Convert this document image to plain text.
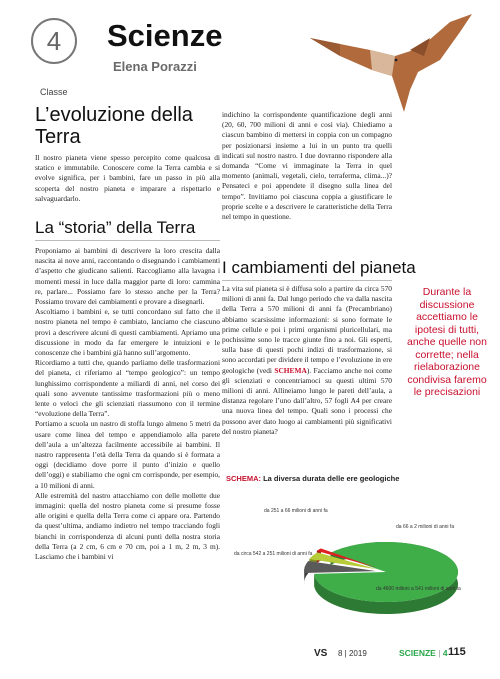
4
Classe
Scienze
Elena Porazzi
L’evoluzione della
Terra
Il nostro pianeta viene spesso percepito come qualcosa di statico e immutabile. Conoscere come la Terra cambia e si evolve significa, per i bambini, fare un passo in più alla scoperta del nostro pianeta e imparare a rispettarlo e salvaguardarlo.
La “storia” della Terra

Proponiamo ai bambini di descrivere la loro crescita dalla nascita ai nove anni, raccontando o disegnando i cambiamenti d’aspetto che giudicano salienti. Raccogliamo alla lavagna i momenti messi in luce dalla maggior parte di loro: cammina re, parlare... Possiamo fare lo stesso anche per la Terra? Possiamo trovare dei cambiamenti e provare a disegnarli.

Ascoltiamo i bambini e, se tutti concordano sul fatto che il nostro pianeta nel tempo è cambiato, lanciamo che ciascuno provi a descrivere alcuni di questi cambiamenti. Apriamo una discussione in modo da far emergere le intuizioni e le conoscenze che i bambini già hanno sull’argomento.

Ricordiamo a tutti che, quando parliamo delle trasformazioni del pianeta, ci riferiamo al “tempo geologico”: un tempo lunghissimo corrispondente a miliardi di anni, nel corso dei quali sono avvenute tantissime trasformazioni più o meno lente o veloci che gli scienziati riassumono con il termine “evoluzione della Terra”.

Portiamo a scuola un nastro di stoffa lungo almeno 5 metri da usare come linea del tempo e appendiamolo alla parete dell’aula a un’altezza facilmente accessibile ai bambini. Il nastro rappresenta l’età della Terra da quando si è formata a oggi (decidiamo dove porre il punto d’inizio e quello dell’oggi) e stabiliamo che ogni cm corrisponde, per esempio, a 10 milioni di anni.

Alle estremità del nastro attacchiamo con delle mollette due immagini: quella del nostro pianeta come si presume fosse alle origini e quella della Terra come ci appare ora. Partendo da quest’ultima, andiamo indietro nel tempo tracciando fogli bianchi in corrispondenza di alcuni punti della nostra storia della Terra (a 2 cm, 6 cm e 70 cm, poi a 1 m, 2 m, 3 m). Lasciamo che i bambini vi

indichino la corrispondente quantificazione degli anni (20, 60, 700 milioni di anni e così via). Chiediamo a ciascun bambino di mettersi in coppia con un compagno per posizionarsi insieme a lui in un punto tra quelli indicati sul nostro nastro. I due dovranno rispondere alla domanda “Come vi immaginate la Terra in quel momento (animali, vegetali, cielo, terraferma, clima...)? Pensateci e poi appendete il disegno sulla linea del tempo”. Invitiamo poi ciascuna coppia a giustificare le proprie scelte e a descrivere le caratteristiche della Terra nel tempo in questione.
I cambiamenti del pianeta
La vita sul pianeta si è diffusa solo a partire da circa 570 milioni di anni fa. Dal lungo periodo che va dalla nascita della Terra a 570 milioni di anni fa (Precambriano) abbiamo scarsissime informazioni: si sono formate le prime cellule e poi i primi organismi pluricellulari, ma pochissime sono le tracce giunte fino a noi. Gli esperti, sulla base di questi pochi indizi di trasformazione, si sono accordati per dividere il tempo e l’evoluzione in ere geologiche (vedi SCHEMA). Facciamo anche noi come gli scienziati e concentriamoci su questi ultimi 570 milioni di anni. Allineiamo lungo le pareti dell’aula, a distanza regolare l’uno dall’altro, 57 fogli A4 per creare una nuova linea del tempo. Quali sono i processi che possono aver dato luogo ai cambiamenti più significativi del nostro pianeta?
Durante la discussione accettiamo le ipotesi di tutti, anche quelle non corrette; nella rielaborazione condivisa faremo le precisazioni
SCHEMA: La diversa durata delle ere geologiche
da 4600 milioni a 541 milioni di anni fa
da circa 542 a 251 milioni di anni fa
da 251 a 66 milioni di anni fa
da 66 a 2 milioni di anni fa
VS 8 | 2019	SCIENZE | 4 115
